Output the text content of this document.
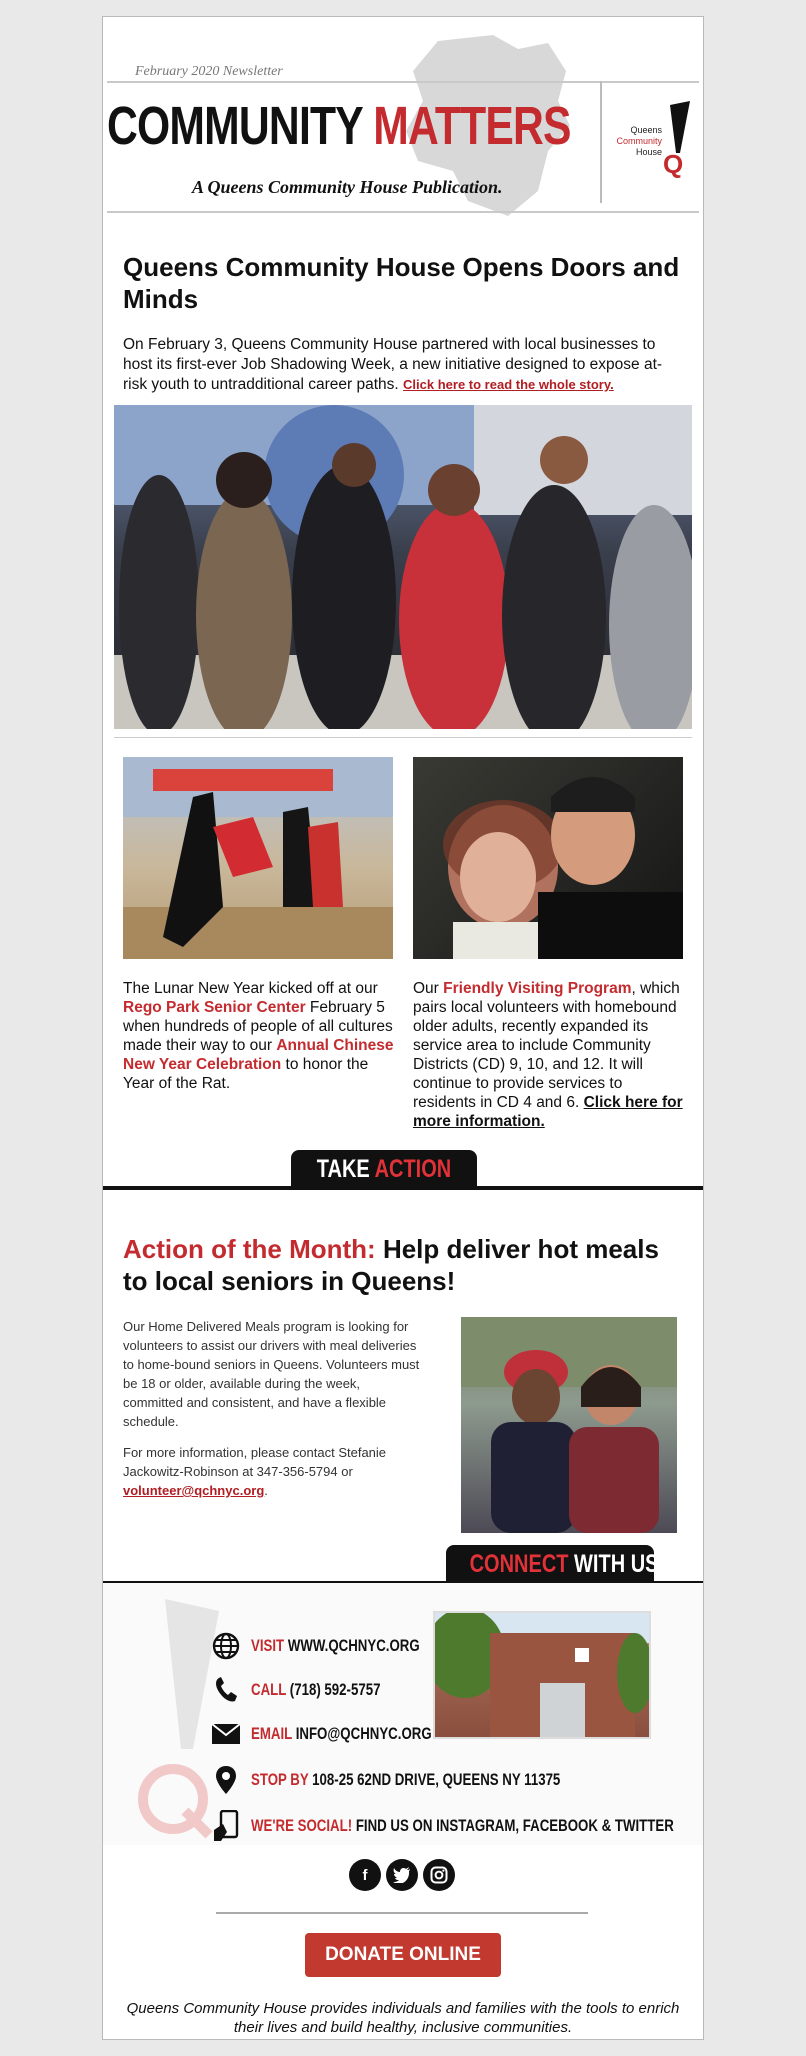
February 2020 Newsletter
COMMUNITY MATTERS
A Queens Community House Publication.
Queens
Community
House Q
Queens Community House Opens Doors and Minds
On February 3, Queens Community House partnered with local businesses to host its first-ever Job Shadowing Week, a new initiative designed to expose at-risk youth to untradditional career paths. Click here to read the whole story.
The Lunar New Year kicked off at our Rego Park Senior Center February 5 when hundreds of people of all cultures made their way to our Annual Chinese New Year Celebration to honor the Year of the Rat.
Our Friendly Visiting Program, which pairs local volunteers with homebound older adults, recently expanded its service area to include Community Districts (CD) 9, 10, and 12. It will continue to provide services to residents in CD 4 and 6. Click here for more information.
TAKE ACTION
Action of the Month: Help deliver hot meals to local seniors in Queens!

Our Home Delivered Meals program is looking for volunteers to assist our drivers with meal deliveries to home-bound seniors in Queens. Volunteers must be 18 or older, available during the week, committed and consistent, and have a flexible schedule.

For more information, please contact Stefanie Jackowitz-Robinson at 347-356-5794 or volunteer@qchnyc.org.

CONNECT WITH US
VISIT WWW.QCHNYC.ORG
CALL (718) 592-5757
EMAIL INFO@QCHNYC.ORG
STOP BY 108-25 62ND DRIVE, QUEENS NY 11375
WE'RE SOCIAL! FIND US ON INSTAGRAM, FACEBOOK & TWITTER
f
DONATE ONLINE
Queens Community House provides individuals and families with the tools to enrich their lives and build healthy, inclusive communities.
